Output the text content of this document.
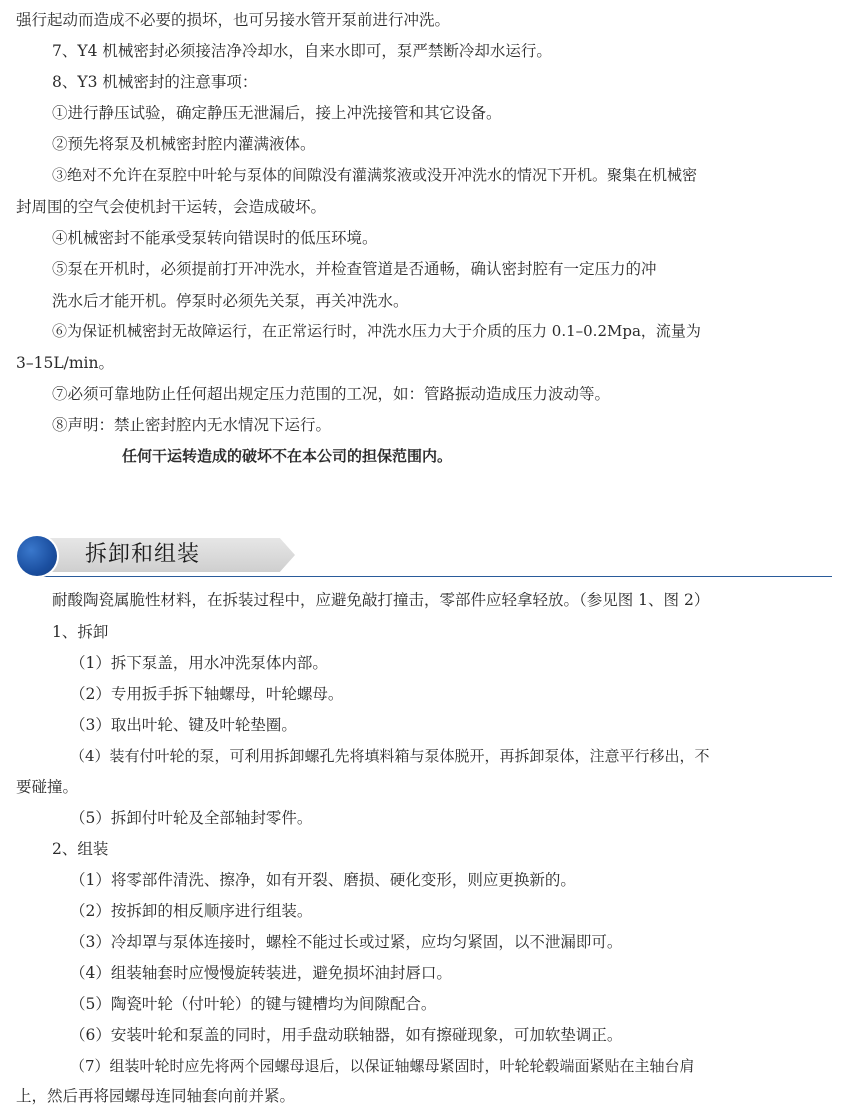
强行起动而造成不必要的损坏，也可另接水管开泵前进行冲洗。
7、Y4 机械密封必须接洁净冷却水，自来水即可，泵严禁断冷却水运行。
8、Y3 机械密封的注意事项：
①进行静压试验，确定静压无泄漏后，接上冲洗接管和其它设备。
②预先将泵及机械密封腔内灌满液体。
③绝对不允许在泵腔中叶轮与泵体的间隙没有灌满浆液或没开冲洗水的情况下开机。聚集在机械密
封周围的空气会使机封干运转，会造成破坏。
④机械密封不能承受泵转向错误时的低压环境。
⑤泵在开机时，必须提前打开冲洗水，并检查管道是否通畅，确认密封腔有一定压力的冲
洗水后才能开机。停泵时必须先关泵，再关冲洗水。
⑥为保证机械密封无故障运行，在正常运行时，冲洗水压力大于介质的压力 0.1–0.2Mpa，流量为
3–15L/min。
⑦必须可靠地防止任何超出规定压力范围的工况，如：管路振动造成压力波动等。
⑧声明：禁止密封腔内无水情况下运行。
任何干运转造成的破坏不在本公司的担保范围内。
拆卸和组装
耐酸陶瓷属脆性材料，在拆装过程中，应避免敲打撞击，零部件应轻拿轻放。（参见图 1、图 2）
1、拆卸
（1）拆下泵盖，用水冲洗泵体内部。
（2）专用扳手拆下轴螺母，叶轮螺母。
（3）取出叶轮、键及叶轮垫圈。
（4）装有付叶轮的泵，可利用拆卸螺孔先将填料箱与泵体脱开，再拆卸泵体，注意平行移出，不
要碰撞。
（5）拆卸付叶轮及全部轴封零件。
2、组装
（1）将零部件清洗、擦净，如有开裂、磨损、硬化变形，则应更换新的。
（2）按拆卸的相反顺序进行组装。
（3）冷却罩与泵体连接时，螺栓不能过长或过紧，应均匀紧固，以不泄漏即可。
（4）组装轴套时应慢慢旋转装进，避免损坏油封唇口。
（5）陶瓷叶轮（付叶轮）的键与键槽均为间隙配合。
（6）安装叶轮和泵盖的同时，用手盘动联轴器，如有擦碰现象，可加软垫调正。
（7）组装叶轮时应先将两个园螺母退后，以保证轴螺母紧固时，叶轮轮毂端面紧贴在主轴台肩
上，然后再将园螺母连同轴套向前并紧。
